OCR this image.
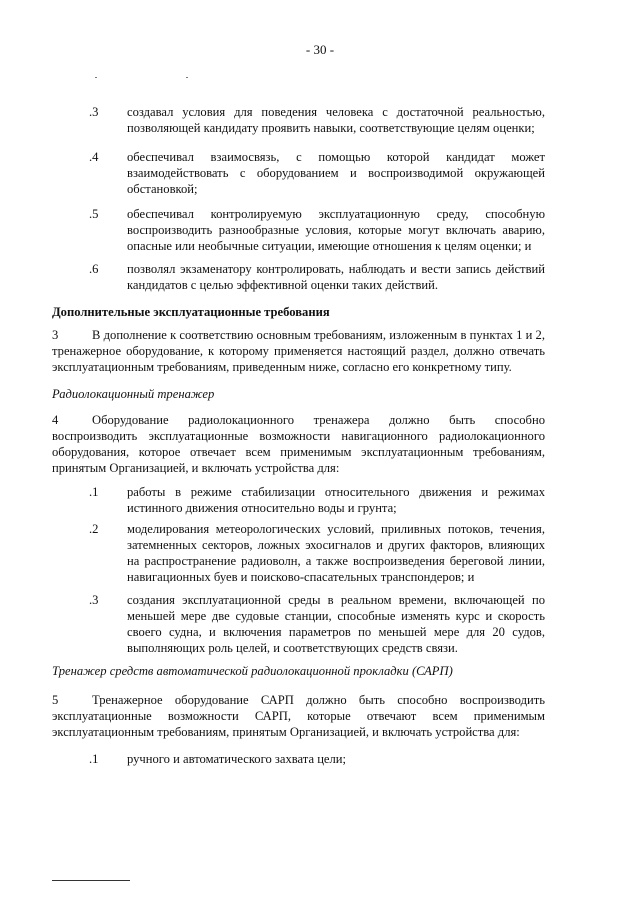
- 30 -
.3 создавал условия для поведения человека с достаточной реальностью, позволяющей кандидату проявить навыки, соответствующие целям оценки;
.4 обеспечивал взаимосвязь, с помощью которой кандидат может взаимодействовать с оборудованием и воспроизводимой окружающей обстановкой;
.5 обеспечивал контролируемую эксплуатационную среду, способную воспроизводить разнообразные условия, которые могут включать аварию, опасные или необычные ситуации, имеющие отношения к целям оценки; и
.6 позволял экзаменатору контролировать, наблюдать и вести запись действий кандидатов с целью эффективной оценки таких действий.
Дополнительные эксплуатационные требования
3	В дополнение к соответствию основным требованиям, изложенным в пунктах 1 и 2, тренажерное оборудование, к которому применяется настоящий раздел, должно отвечать эксплуатационным требованиям, приведенным ниже, согласно его конкретному типу.
Радиолокационный тренажер
4	Оборудование радиолокационного тренажера должно быть способно воспроизводить эксплуатационные возможности навигационного радиолокационного оборудования, которое отвечает всем применимым эксплуатационным требованиям, принятым Организацией, и включать устройства для:
.1 работы в режиме стабилизации относительного движения и режимах истинного движения относительно воды и грунта;
.2 моделирования метеорологических условий, приливных потоков, течения, затемненных секторов, ложных эхосигналов и других факторов, влияющих на распространение радиоволн, а также воспроизведения береговой линии, навигационных буев и поисково-спасательных транспондеров; и
.3 создания эксплуатационной среды в реальном времени, включающей по меньшей мере две судовые станции, способные изменять курс и скорость своего судна, и включения параметров по меньшей мере для 20 судов, выполняющих роль целей, и соответствующих средств связи.
Тренажер средств автоматической радиолокационной прокладки (САРП)
5	Тренажерное оборудование САРП должно быть способно воспроизводить эксплуатационные возможности САРП, которые отвечают всем применимым эксплуатационным требованиям, принятым Организацией, и включать устройства для:
.1 ручного и автоматического захвата цели;
